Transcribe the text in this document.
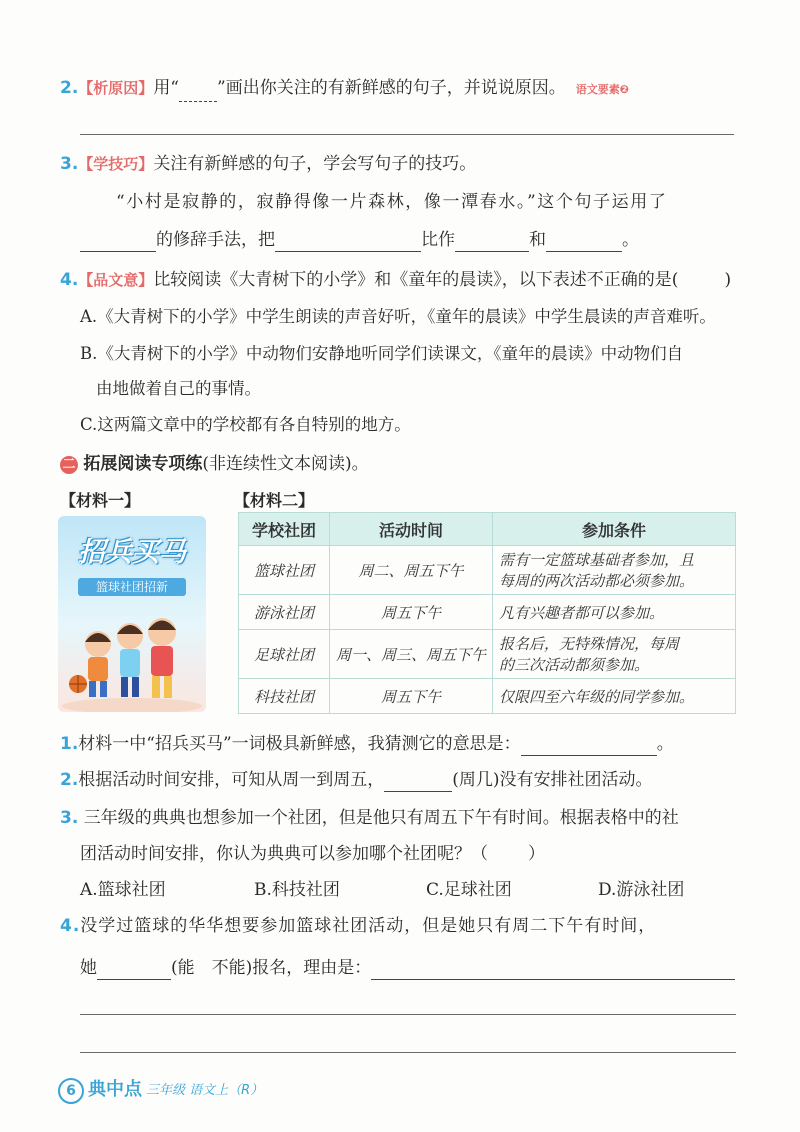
2.【析原因】用“ ”画出你关注的有新鲜感的句子，并说说原因。 语文要素❷
3.【学技巧】关注有新鲜感的句子，学会写句子的技巧。
“小村是寂静的，寂静得像一片森林，像一潭春水。”这个句子运用了
的修辞手法，把	比作	和	。
4.【品文意】比较阅读《大青树下的小学》和《童年的晨读》，以下表述不正确的是(	)
A.《大青树下的小学》中学生朗读的声音好听，《童年的晨读》中学生晨读的声音难听。
B.《大青树下的小学》中动物们安静地听同学们读课文，《童年的晨读》中动物们自
由地做着自己的事情。
C.这两篇文章中的学校都有各自特别的地方。
二 拓展阅读专项练(非连续性文本阅读)。
【材料一】	【材料二】
招兵买马
篮球社团招新
学校社团	活动时间	参加条件
篮球社团	周二、周五下午	需有一定篮球基础者参加，且
每周的两次活动都必须参加。

游泳社团	周五下午	凡有兴趣者都可以参加。
足球社团	周一、周三、周五下午	报名后，无特殊情况，每周
的三次活动都须参加。

科技社团	周五下午	仅限四至六年级的同学参加。
1.材料一中“招兵买马”一词极具新鲜感，我猜测它的意思是：	。
2.根据活动时间安排，可知从周一到周五，	(周几)没有安排社团活动。
3. 三年级的典典也想参加一个社团，但是他只有周五下午有时间。根据表格中的社
团活动时间安排，你认为典典可以参加哪个社团呢？（ ）
A.篮球社团	B.科技社团	C.足球社团	D.游泳社团
4.没学过篮球的华华想要参加篮球社团活动，但是她只有周二下午有时间，
她	(能　不能)报名，理由是：
6 典中点 三年级 语文上（R）
